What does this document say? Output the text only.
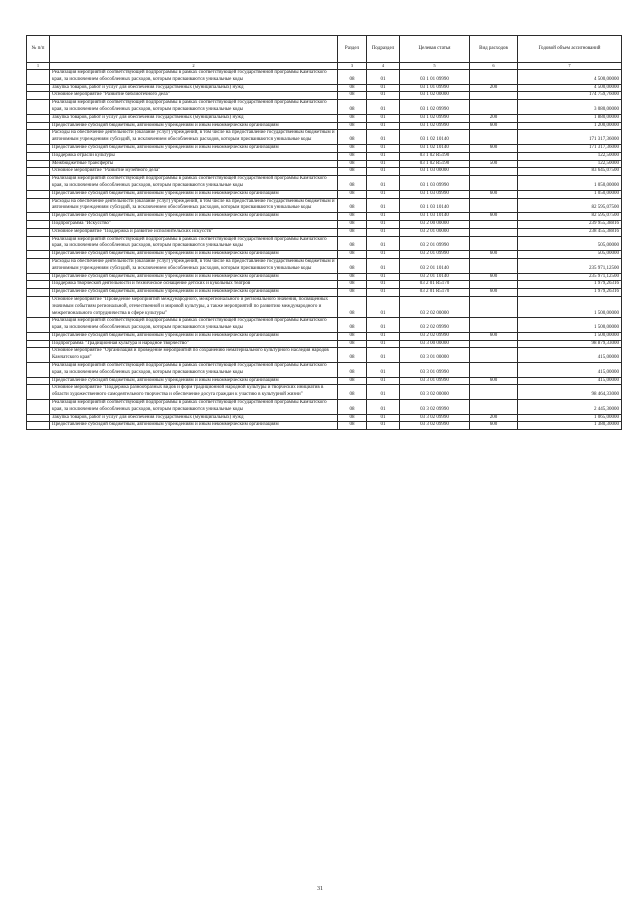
№ п/п		Раздел	Подраздел	Целевая статья	Вид расходов	Годовой объем ассигнований
1	2	3	4	5	6	7
	Реализация мероприятий соответствующей подпрограммы в рамках соответствующей государственной программы Камчатского края, за исключением обособленных расходов, которым присваиваются уникальные коды	08	01	03 1 01 09990		4 500,00000
	Закупка товаров, работ и услуг для обеспечения государственных (муниципальных) нужд	08	01	03 1 01 09990	200	4 500,00000
	Основное мероприятие "Развитие библиотечного дела"	08	01	03 1 02 00000		174 759,76000
	Реализация мероприятий соответствующей подпрограммы в рамках соответствующей государственной программы Камчатского края, за исключением обособленных расходов, которым присваиваются уникальные коды	08	01	03 1 02 09990		3 080,00000
	Закупка товаров, работ и услуг для обеспечения государственных (муниципальных) нужд	08	01	03 1 02 09990	200	1 880,00000
	Предоставление субсидий бюджетным, автономным учреждениям и иным некоммерческим организациям	08	01	03 1 02 09990	600	1 200,00000
	Расходы на обеспечение деятельности (оказание услуг) учреждений, в том числе на предоставление государственным бюджетным и автономным учреждениям субсидий, за исключением обособленных расходов, которым присваиваются уникальные коды	08	01	03 1 02 10140		171 317,36000
	Предоставление субсидий бюджетным, автономным учреждениям и иным некоммерческим организациям	08	01	03 1 02 10140	600	171 317,36000
	Поддержка отрасли культуры	08	01	03 1 02 R5190		122,50000
	Межбюджетные трансферты	08	01	03 1 02 R5190	500	122,50000
	Основное мероприятие "Развитие музейного дела"	08	01	03 1 03 00000		83 645,07500
	Реализация мероприятий соответствующей подпрограммы в рамках соответствующей государственной программы Камчатского края, за исключением обособленных расходов, которым присваиваются уникальные коды	08	01	03 1 03 09990		1 050,00000
	Предоставление субсидий бюджетным, автономным учреждениям и иным некоммерческим организациям	08	01	03 1 03 09990	600	1 050,00000
	Расходы на обеспечение деятельности (оказание услуг) учреждений, в том числе на предоставление государственным бюджетным и автономным учреждениям субсидий, за исключением обособленных расходов, которым присваиваются уникальные коды	08	01	03 1 03 10140		82 595,07500
	Предоставление субсидий бюджетным, автономным учреждениям и иным некоммерческим организациям	08	01	03 1 03 10140	600	82 595,07500
	Подпрограмма "Искусство"	08	01	03 2 00 00000		239 955,38816
	Основное мероприятие "Поддержка и развитие исполнительских искусств"	08	01	03 2 01 00000		238 455,38816
	Реализация мероприятий соответствующей подпрограммы в рамках соответствующей государственной программы Камчатского края, за исключением обособленных расходов, которым присваиваются уникальные коды	08	01	03 2 01 09990		505,00000
	Предоставление субсидий бюджетным, автономным учреждениям и иным некоммерческим организациям	08	01	03 2 01 09990	600	505,00000
	Расходы на обеспечение деятельности (оказание услуг) учреждений, в том числе на предоставление государственным бюджетным и автономным учреждениям субсидий, за исключением обособленных расходов, которым присваиваются уникальные коды	08	01	03 2 01 10140		235 971,12500
	Предоставление субсидий бюджетным, автономным учреждениям и иным некоммерческим организациям	08	01	03 2 01 10140	600	235 971,12500
	Поддержка творческой деятельности и техническое оснащение детских и кукольных театров	08	01	03 2 01 R5170		1 979,26316
	Предоставление субсидий бюджетным, автономным учреждениям и иным некоммерческим организациям	08	01	03 2 01 R5170	600	1 979,26316
	Основное мероприятие "Проведение мероприятий международного, межрегионального и регионального значения, посвященных значимым событиям региональной, отечественной и мировой культуры, а также мероприятий по развитию международного и межрегионального сотрудничества в сфере культуры"	08	01	03 2 02 00000		1 500,00000
	Реализация мероприятий соответствующей подпрограммы в рамках соответствующей государственной программы Камчатского края, за исключением обособленных расходов, которым присваиваются уникальные коды	08	01	03 2 02 09990		1 500,00000
	Предоставление субсидий бюджетным, автономным учреждениям и иным некоммерческим организациям	08	01	03 2 02 09990	600	1 500,00000
	Подпрограмма "Традиционная культура и народное творчество"	08	01	03 3 00 00000		98 879,33000
	Основное мероприятие "Организация и проведение мероприятий по сохранению нематериального культурного наследия народов Камчатского края"	08	01	03 3 01 00000		415,00000
	Реализация мероприятий соответствующей подпрограммы в рамках соответствующей государственной программы Камчатского края, за исключением обособленных расходов, которым присваиваются уникальные коды	08	01	03 3 01 09990		415,00000
	Предоставление субсидий бюджетным, автономным учреждениям и иным некоммерческим организациям	08	01	03 3 01 09990	600	415,00000
	Основное мероприятие "Поддержка разнообразных видов и форм традиционной народной культуры и творческих инициатив в области художественного самодеятельного творчества и обеспечение досуга граждан к участию в культурной жизни"	08	01	03 3 02 00000		98 464,33000
	Реализация мероприятий соответствующей подпрограммы в рамках соответствующей государственной программы Камчатского края, за исключением обособленных расходов, которым присваиваются уникальные коды	08	01	03 3 02 09990		2 445,30000
	Закупка товаров, работ и услуг для обеспечения государственных (муниципальных) нужд	08	01	03 3 02 09990	200	1 065,00000
	Предоставление субсидий бюджетным, автономным учреждениям и иным некоммерческим организациям	08	01	03 3 02 09990	600	1 380,30000
31
